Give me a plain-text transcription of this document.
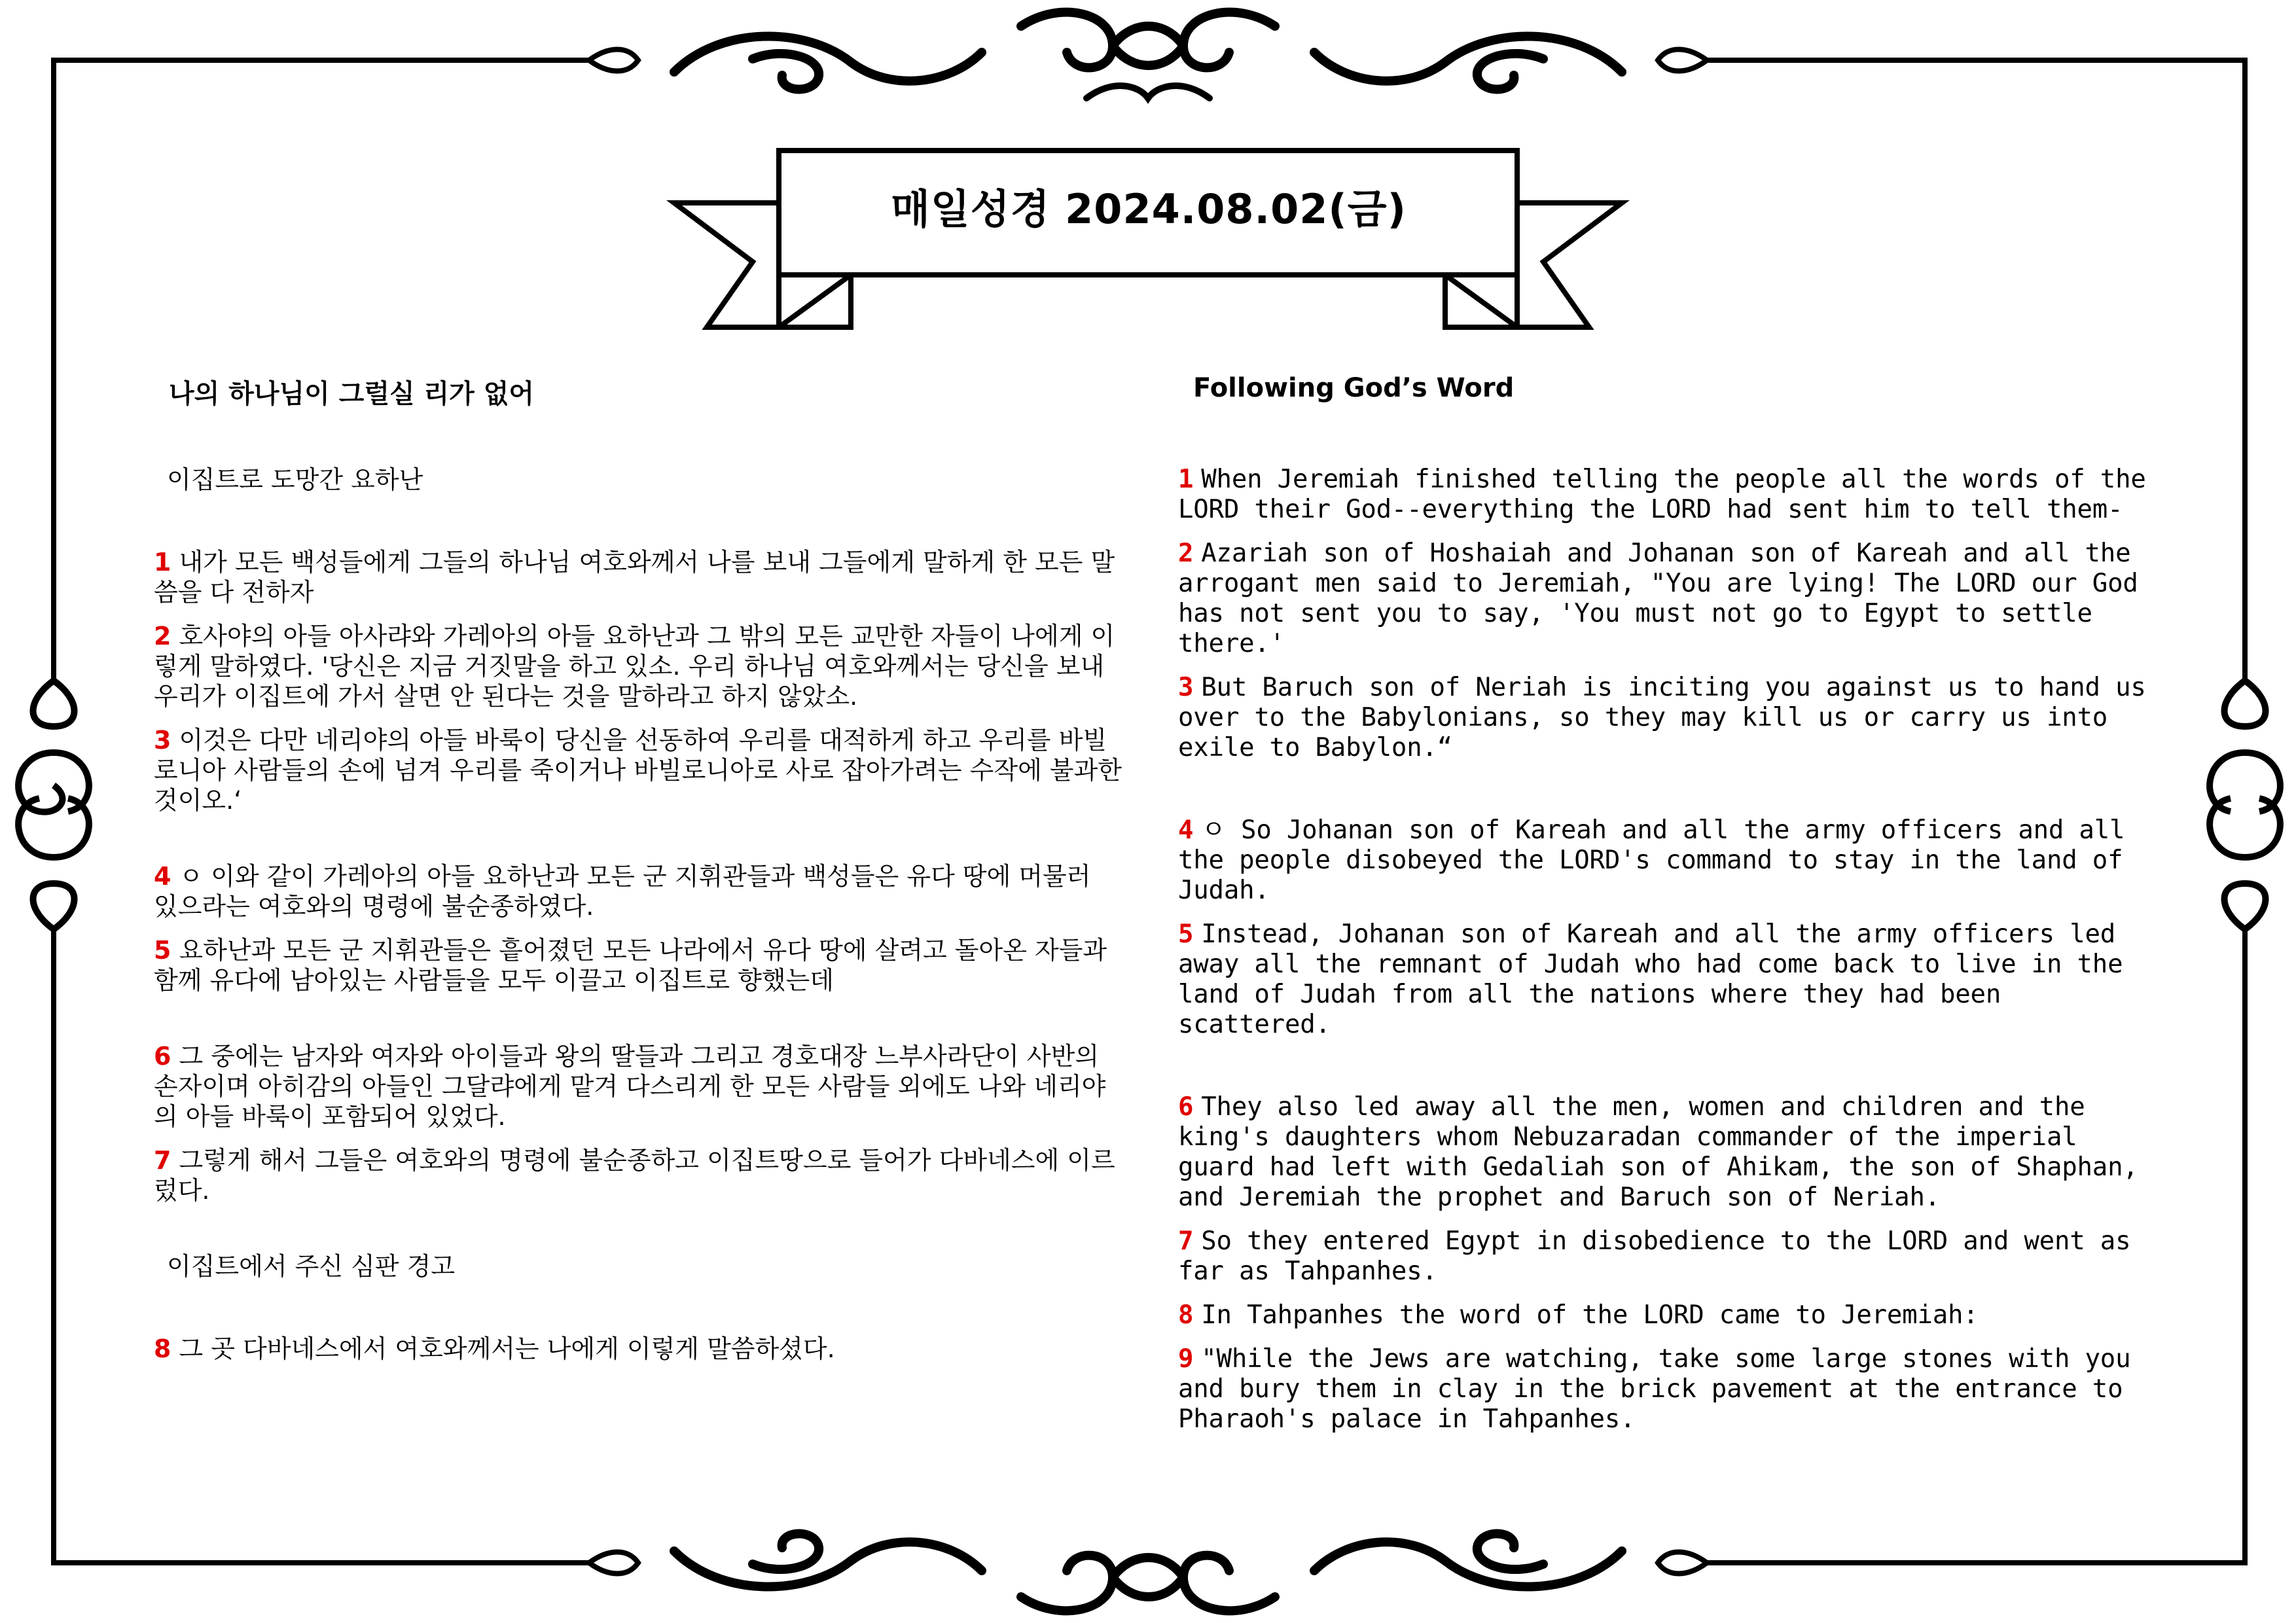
매일성경 2024.08.02(금)
나의 하나님이 그럴실 리가 없어

이집트로 도망간 요하난

1 내가 모든 백성들에게 그들의 하나님 여호와께서 나를 보내 그들에게 말하게 한 모든 말씀을 다 전하자

2 호사야의 아들 아사랴와 가레아의 아들 요하난과 그 밖의 모든 교만한 자들이 나에게 이렇게 말하였다. '당신은 지금 거짓말을 하고 있소. 우리 하나님 여호와께서는 당신을 보내 우리가 이집트에 가서 살면 안 된다는 것을 말하라고 하지 않았소.

3 이것은 다만 네리야의 아들 바룩이 당신을 선동하여 우리를 대적하게 하고 우리를 바빌로니아 사람들의 손에 넘겨 우리를 죽이거나 바빌로니아로 사로 잡아가려는 수작에 불과한 것이오.‘

4 ㅇ 이와 같이 가레아의 아들 요하난과 모든 군 지휘관들과 백성들은 유다 땅에 머물러 있으라는 여호와의 명령에 불순종하였다.

5 요하난과 모든 군 지휘관들은 흩어졌던 모든 나라에서 유다 땅에 살려고 돌아온 자들과 함께 유다에 남아있는 사람들을 모두 이끌고 이집트로 향했는데

6 그 중에는 남자와 여자와 아이들과 왕의 딸들과 그리고 경호대장 느부사라단이 사반의 손자이며 아히감의 아들인 그달랴에게 맡겨 다스리게 한 모든 사람들 외에도 나와 네리야의 아들 바룩이 포함되어 있었다.

7 그렇게 해서 그들은 여호와의 명령에 불순종하고 이집트땅으로 들어가 다바네스에 이르렀다.

이집트에서 주신 심판 경고

8 그 곳 다바네스에서 여호와께서는 나에게 이렇게 말씀하셨다.

Following God’s Word

1 When Jeremiah finished telling the people all the words of the LORD their God--everything the LORD had sent him to tell them-

2 Azariah son of Hoshaiah and Johanan son of Kareah and all the arrogant men said to Jeremiah, "You are lying! The LORD our God has not sent you to say, 'You must not go to Egypt to settle there.'

3 But Baruch son of Neriah is inciting you against us to hand us over to the Babylonians, so they may kill us or carry us into exile to Babylon.“

4 ㅇ So Johanan son of Kareah and all the army officers and all the people disobeyed the LORD's command to stay in the land of Judah.

5 Instead, Johanan son of Kareah and all the army officers led away all the remnant of Judah who had come back to live in the land of Judah from all the nations where they had been scattered.

6 They also led away all the men, women and children and the king's daughters whom Nebuzaradan commander of the imperial guard had left with Gedaliah son of Ahikam, the son of Shaphan, and Jeremiah the prophet and Baruch son of Neriah.

7 So they entered Egypt in disobedience to the LORD and went as far as Tahpanhes.

8 In Tahpanhes the word of the LORD came to Jeremiah:

9 "While the Jews are watching, take some large stones with you and bury them in clay in the brick pavement at the entrance to Pharaoh's palace in Tahpanhes.
